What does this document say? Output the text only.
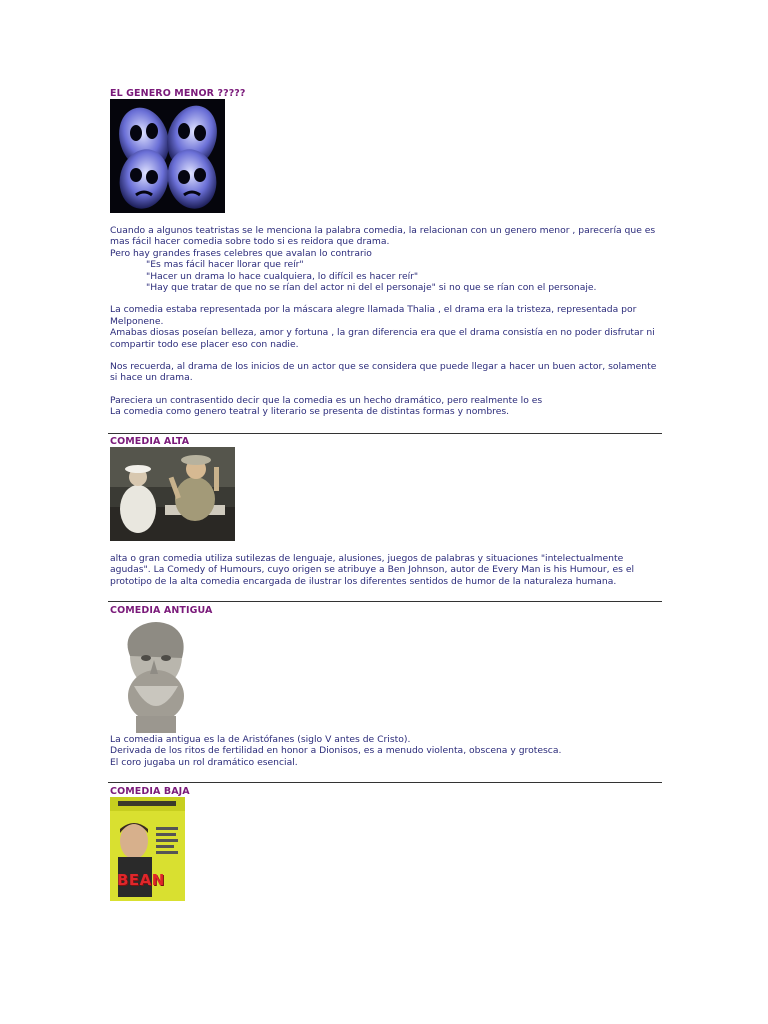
EL GENERO MENOR ?????

Cuando a algunos teatristas se le menciona la palabra comedia, la relacionan con un genero menor , parecería que es mas fácil hacer comedia sobre todo si es reidora que drama.

Pero hay grandes frases celebres que avalan lo contrario

"Es mas fácil hacer llorar que reír"

"Hacer un drama lo hace cualquiera, lo difícil es hacer reír"

"Hay que tratar de que no se rían del actor ni del el personaje" si no que se rían con el personaje.

La comedia estaba representada por la máscara alegre llamada Thalia , el drama era la tristeza, representada por Melponene.

Amabas diosas poseían belleza, amor y fortuna , la gran diferencia era que el drama consistía en no poder disfrutar ni compartir todo ese placer eso con nadie.

Nos recuerda, al drama de los inicios de un actor que se considera que puede llegar a hacer un buen actor, solamente si hace un drama.

Pareciera un contrasentido decir que la comedia es un hecho dramático, pero realmente lo es

La comedia como genero teatral y literario se presenta de distintas formas y nombres.

COMEDIA ALTA

alta o gran comedia utiliza sutilezas de lenguaje, alusiones, juegos de palabras y situaciones "intelectualmente agudas". La Comedy of Humours, cuyo origen se atribuye a Ben Johnson, autor de Every Man is his Humour, es el prototipo de la alta comedia encargada de ilustrar los diferentes sentidos de humor de la naturaleza humana.

COMEDIA ANTIGUA

La comedia antigua es la de Aristófanes (siglo V antes de Cristo).

Derivada de los ritos de fertilidad en honor a Dionisos, es a menudo violenta, obscena y grotesca.

El coro jugaba un rol dramático esencial.

COMEDIA BAJA
BEAN
